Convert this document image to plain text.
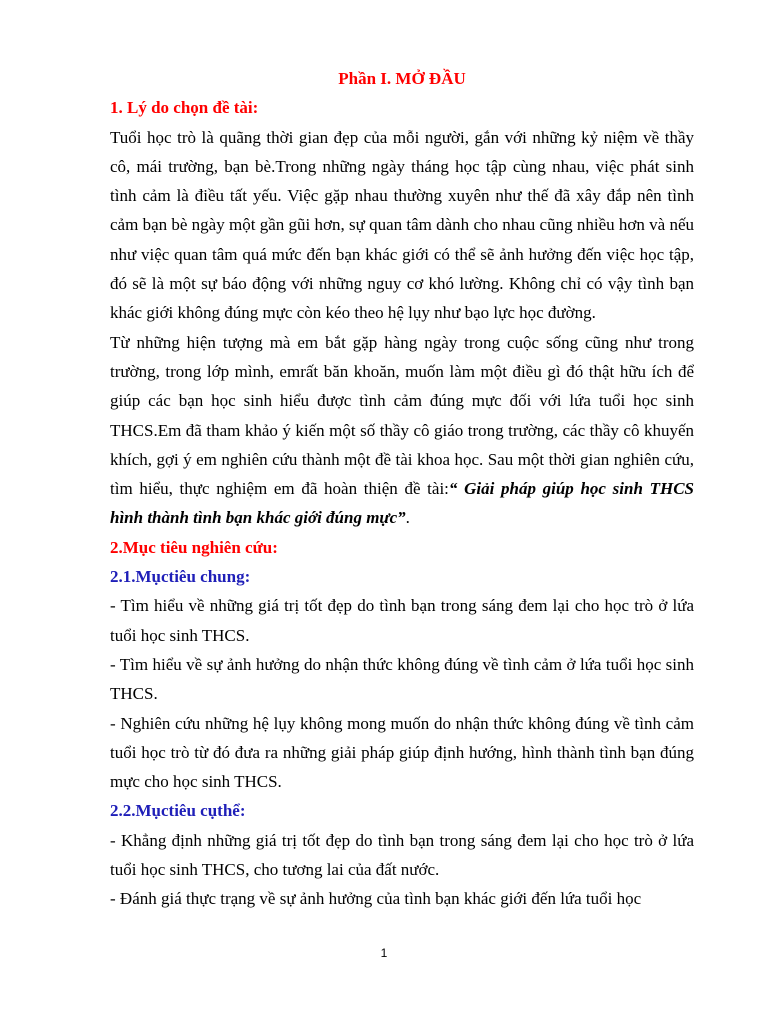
Phần I. MỞ ĐẦU

1. Lý do chọn đề tài:

Tuổi học trò là quãng thời gian đẹp của mỗi người, gắn với những kỷ niệm về thầy cô, mái trường, bạn bè.Trong những ngày tháng học tập cùng nhau, việc phát sinh tình cảm là điều tất yếu. Việc gặp nhau thường xuyên như thế đã xây đắp nên tình cảm bạn bè ngày một gần gũi hơn, sự quan tâm dành cho nhau cũng nhiều hơn và nếu như việc quan tâm quá mức đến bạn khác giới có thể sẽ ảnh hưởng đến việc học tập, đó sẽ là một sự báo động với những nguy cơ khó lường. Không chỉ có vậy tình bạn khác giới không đúng mực còn kéo theo hệ lụy như bạo lực học đường.

Từ những hiện tượng mà em bắt gặp hàng ngày trong cuộc sống cũng như trong trường, trong lớp mình, emrất băn khoăn, muốn làm một điều gì đó thật hữu ích để giúp các bạn học sinh hiểu được tình cảm đúng mực đối với lứa tuổi học sinh THCS.Em đã tham khảo ý kiến một số thầy cô giáo trong trường, các thầy cô khuyến khích, gợi ý em nghiên cứu thành một đề tài khoa học. Sau một thời gian nghiên cứu, tìm hiểu, thực nghiệm em đã hoàn thiện đề tài:“ Giải pháp giúp học sinh THCS hình thành tình bạn khác giới đúng mực”.

2.Mục tiêu nghiên cứu:

2.1.Mụctiêu chung:

- Tìm hiểu về những giá trị tốt đẹp do tình bạn trong sáng đem lại cho học trò ở lứa tuổi học sinh THCS.

- Tìm hiểu về sự ảnh hưởng do nhận thức không đúng về tình cảm ở lứa tuổi học sinh THCS.

- Nghiên cứu những hệ lụy không mong muốn do nhận thức không đúng về tình cảm tuổi học trò từ đó đưa ra những giải pháp giúp định hướng, hình thành tình bạn đúng mực cho học sinh THCS.

2.2.Mụctiêu cụthể:

- Khẳng định những giá trị tốt đẹp do tình bạn trong sáng đem lại cho học trò ở lứa tuổi học sinh THCS, cho tương lai của đất nước.

- Đánh giá thực trạng về sự ảnh hưởng của tình bạn khác giới đến lứa tuổi học

1
